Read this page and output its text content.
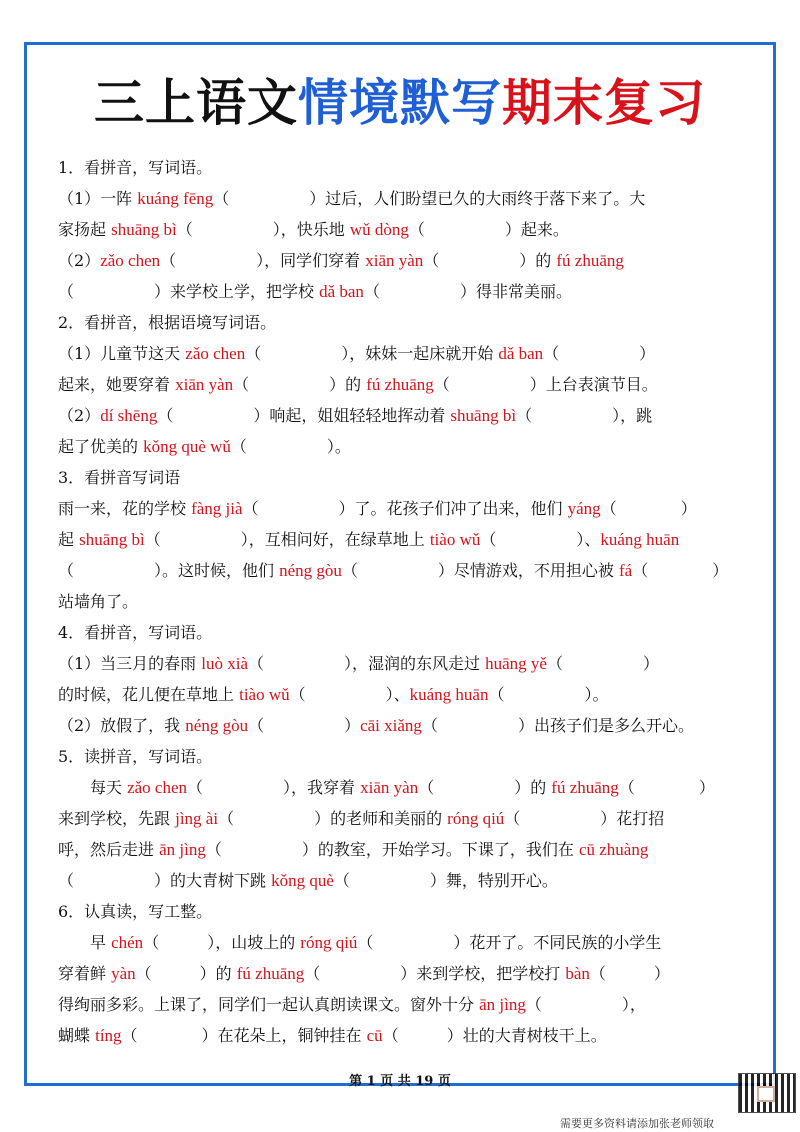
三上语文情境默写期末复习
1．看拼音，写词语。
（1）一阵 kuáng fēng（　　　　　）过后，人们盼望已久的大雨终于落下来了。大
家扬起 shuāng bì（　　　　　），快乐地 wǔ dòng（　　　　　）起来。
（2）zǎo chen（　　　　　），同学们穿着 xiān yàn（　　　　　）的 fú zhuāng
（　　　　　）来学校上学，把学校 dǎ ban（　　　　　）得非常美丽。
2．看拼音，根据语境写词语。
（1）儿童节这天 zǎo chen（　　　　　），妹妹一起床就开始 dǎ ban（　　　　　）
起来，她要穿着 xiān yàn（　　　　　）的 fú zhuāng（　　　　　）上台表演节目。
（2）dí shēng（　　　　　）响起，姐姐轻轻地挥动着 shuāng bì（　　　　　），跳
起了优美的 kǒng què wǔ（　　　　　）。
3．看拼音写词语
雨一来，花的学校 fàng jià（　　　　　）了。花孩子们冲了出来，他们 yáng（　　　　）
起 shuāng bì（　　　　　），互相问好，在绿草地上 tiào wǔ（　　　　　）、kuáng huān
（　　　　　）。这时候，他们 néng gòu（　　　　　）尽情游戏，不用担心被 fá（　　　　）
站墙角了。
4．看拼音，写词语。
（1）当三月的春雨 luò xià（　　　　　），湿润的东风走过 huāng yě（　　　　　）
的时候，花儿便在草地上 tiào wǔ（　　　　　）、kuáng huān（　　　　　）。
（2）放假了，我 néng gòu（　　　　　）cāi xiǎng（　　　　　）出孩子们是多么开心。
5．读拼音，写词语。
　　每天 zǎo chen（　　　　　），我穿着 xiān yàn（　　　　　）的 fú zhuāng（　　　　）
来到学校，先跟 jìng ài（　　　　　）的老师和美丽的 róng qiú（　　　　　）花打招
呼，然后走进 ān jìng（　　　　　）的教室，开始学习。下课了，我们在 cū zhuàng
（　　　　　）的大青树下跳 kǒng què（　　　　　）舞，特别开心。
6．认真读，写工整。
　　早 chén（　　　），山坡上的 róng qiú（　　　　　）花开了。不同民族的小学生
穿着鲜 yàn（　　　）的 fú zhuāng（　　　　　）来到学校，把学校打 bàn（　　　）
得绚丽多彩。上课了，同学们一起认真朗读课文。窗外十分 ān jìng（　　　　　），
蝴蝶 tíng（　　　　）在花朵上，铜钟挂在 cū（　　　）壮的大青树枝干上。
第 1 页 共 19 页
需要更多资料请添加张老师领取
